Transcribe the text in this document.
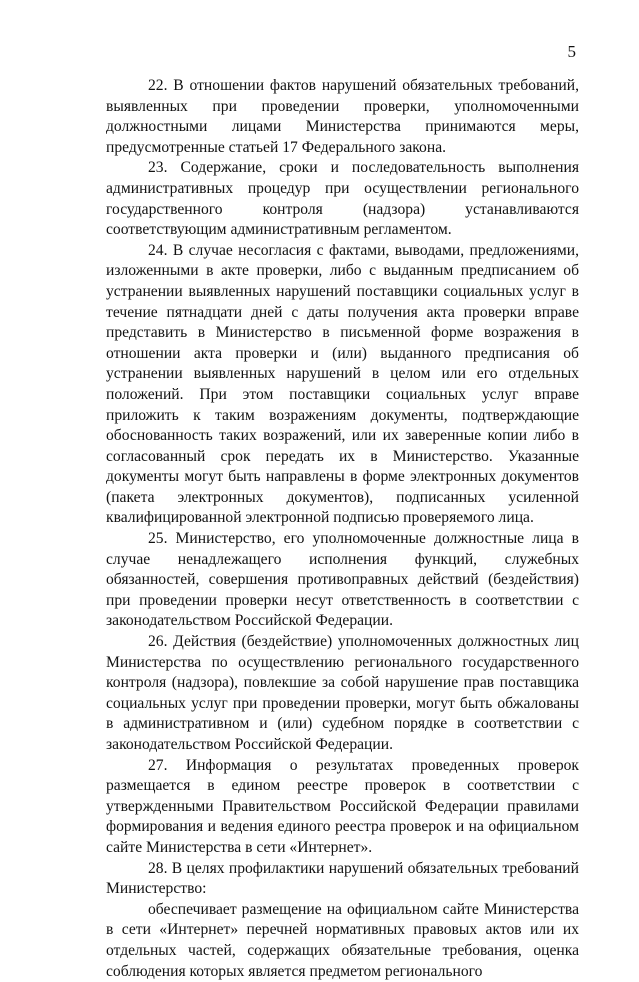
5

22. В отношении фактов нарушений обязательных требований, выявленных при проведении проверки, уполномоченными должностными лицами Министерства принимаются меры, предусмотренные статьей 17 Федерального закона.

23. Содержание, сроки и последовательность выполнения административных процедур при осуществлении регионального государственного контроля (надзора) устанавливаются соответствующим административным регламентом.

24. В случае несогласия с фактами, выводами, предложениями, изложенными в акте проверки, либо с выданным предписанием об устранении выявленных нарушений поставщики социальных услуг в течение пятнадцати дней с даты получения акта проверки вправе представить в Министерство в письменной форме возражения в отношении акта проверки и (или) выданного предписания об устранении выявленных нарушений в целом или его отдельных положений. При этом поставщики социальных услуг вправе приложить к таким возражениям документы, подтверждающие обоснованность таких возражений, или их заверенные копии либо в согласованный срок передать их в Министерство. Указанные документы могут быть направлены в форме электронных документов (пакета электронных документов), подписанных усиленной квалифицированной электронной подписью проверяемого лица.

25. Министерство, его уполномоченные должностные лица в случае ненадлежащего исполнения функций, служебных обязанностей, совершения противоправных действий (бездействия) при проведении проверки несут ответственность в соответствии с законодательством Российской Федерации.

26. Действия (бездействие) уполномоченных должностных лиц Министерства по осуществлению регионального государственного контроля (надзора), повлекшие за собой нарушение прав поставщика социальных услуг при проведении проверки, могут быть обжалованы в административном и (или) судебном порядке в соответствии с законодательством Российской Федерации.

27. Информация о результатах проведенных проверок размещается в едином реестре проверок в соответствии с утвержденными Правительством Российской Федерации правилами формирования и ведения единого реестра проверок и на официальном сайте Министерства в сети «Интернет».

28. В целях профилактики нарушений обязательных требований Министерство:

обеспечивает размещение на официальном сайте Министерства в сети «Интернет» перечней нормативных правовых актов или их отдельных частей, содержащих обязательные требования, оценка соблюдения которых является предметом регионального
